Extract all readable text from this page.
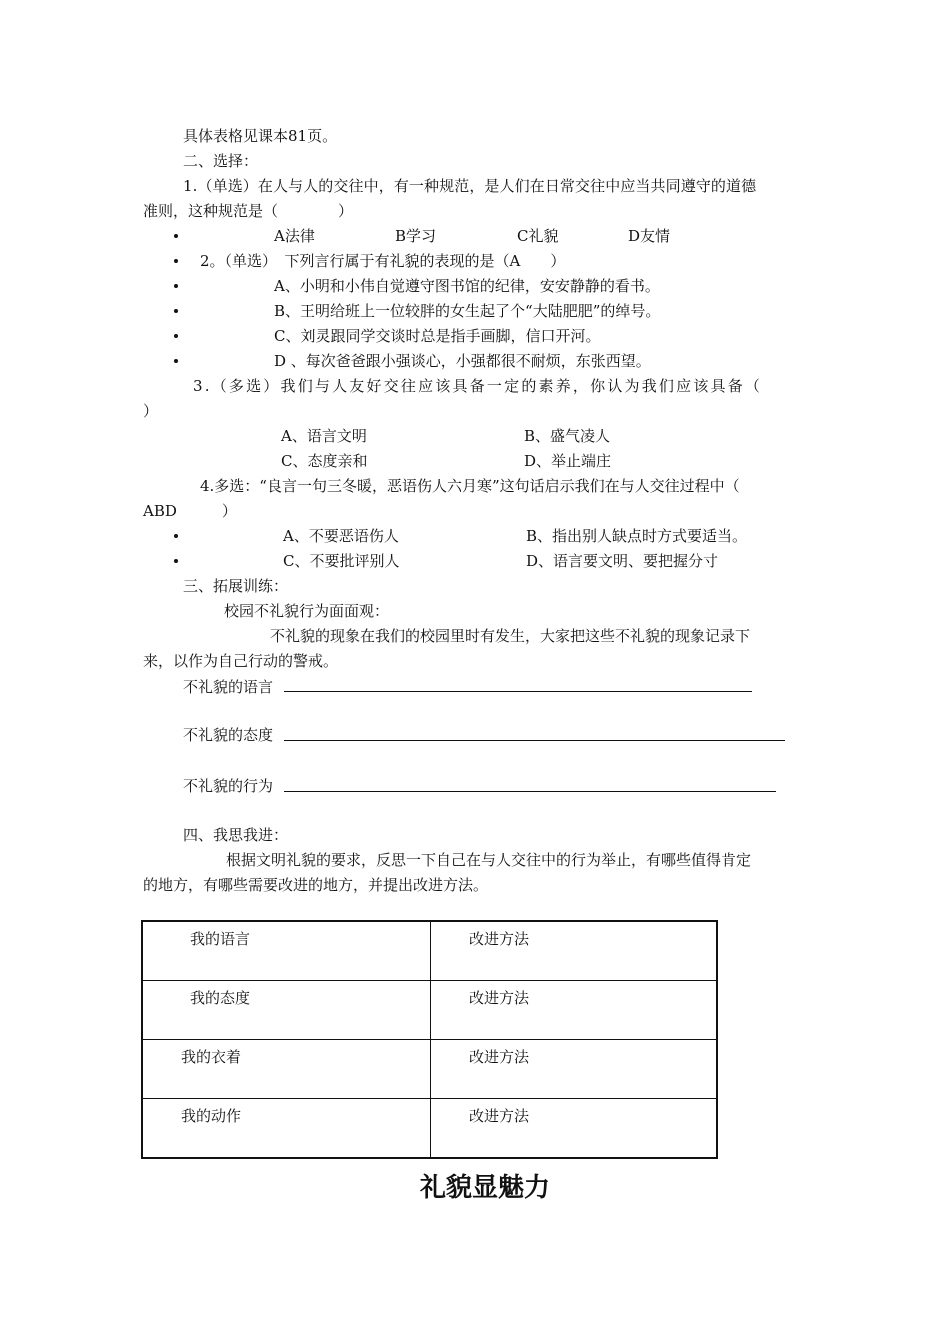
具体表格见课本81页。
二、选择：
1.（单选）在人与人的交往中，有一种规范，是人们在日常交往中应当共同遵守的道德
准则，这种规范是（　　　　）
A法律	B学习	C礼貌	D友情
2。（单选）　下列言行属于有礼貌的表现的是（A　　）
A、小明和小伟自觉遵守图书馆的纪律，安安静静的看书。
B、王明给班上一位较胖的女生起了个“大陆肥肥”的绰号。
C、刘灵跟同学交谈时总是指手画脚，信口开河。
D 、每次爸爸跟小强谈心，小强都很不耐烦，东张西望。
3.（多选）我们与人友好交往应该具备一定的素养，你认为我们应该具备（
）
A、语言文明	B、盛气凌人
C、态度亲和	D、举止端庄
4.多选：“良言一句三冬暖，恶语伤人六月寒”这句话启示我们在与人交往过程中（
ABD　　　）
A、不要恶语伤人	B、指出别人缺点时方式要适当。
C、不要批评别人	D、语言要文明、要把握分寸
三、拓展训练：
校园不礼貌行为面面观：
不礼貌的现象在我们的校园里时有发生，大家把这些不礼貌的现象记录下
来，以作为自己行动的警戒。
不礼貌的语言
不礼貌的态度
不礼貌的行为
四、我思我进：
根据文明礼貌的要求，反思一下自己在与人交往中的行为举止，有哪些值得肯定
的地方，有哪些需要改进的地方，并提出改进方法。
我的语言	改进方法

我的态度	改进方法

我的衣着	改进方法

我的动作	改进方法
礼貌显魅力
